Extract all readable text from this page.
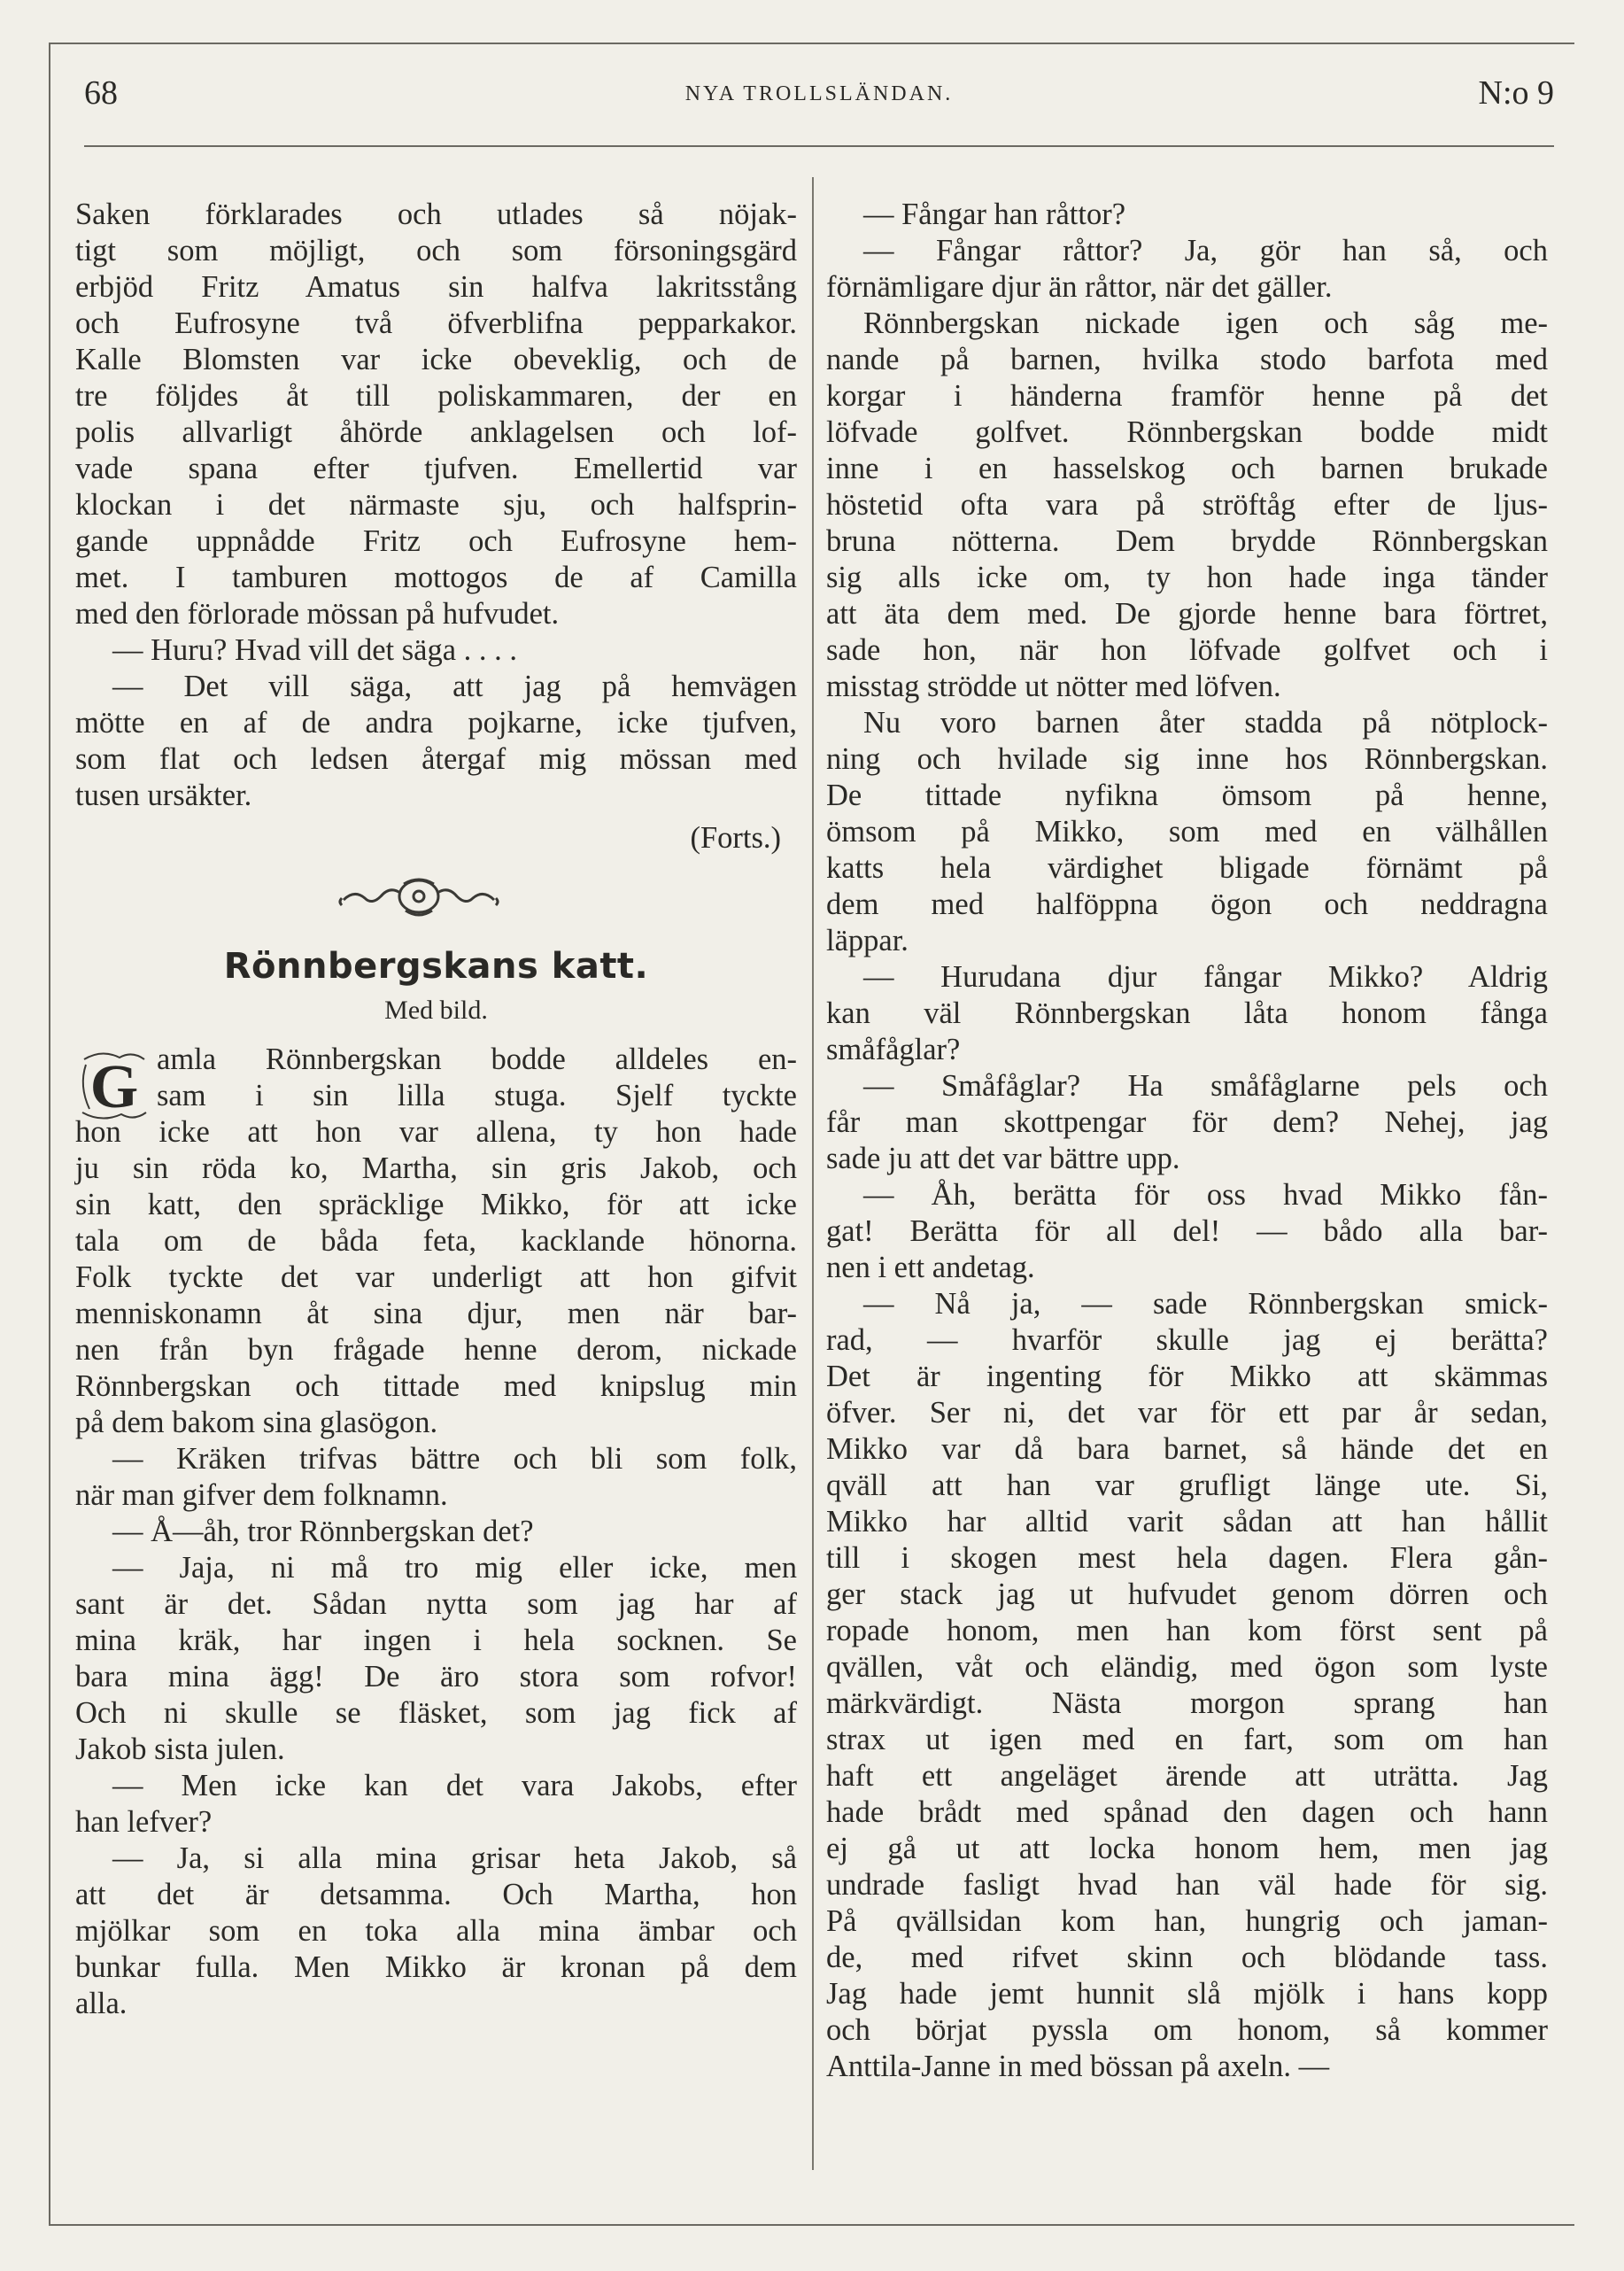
68	NYA TROLLSLÄNDAN.	N:o 9

Saken förklarades och utlades så nöjak-

tigt som möjligt, och som försoningsgärd

erbjöd Fritz Amatus sin halfva lakritsstång

och Eufrosyne två öfverblifna pepparkakor.

Kalle Blomsten var icke obeveklig, och de

tre följdes åt till poliskammaren, der en

polis allvarligt åhörde anklagelsen och lof-

vade spana efter tjufven. Emellertid var

klockan i det närmaste sju, och halfsprin-

gande uppnådde Fritz och Eufrosyne hem-

met. I tamburen mottogos de af Camilla

med den förlorade mössan på hufvudet.

— Huru? Hvad vill det säga . . . .

— Det vill säga, att jag på hemvägen

mötte en af de andra pojkarne, icke tjufven,

som flat och ledsen återgaf mig mössan med

tusen ursäkter.

(Forts.)
Rönnbergskans katt.
Med bild.
G amla Rönnbergskan bodde alldeles en-

sam i sin lilla stuga. Sjelf tyckte

hon icke att hon var allena, ty hon hade

ju sin röda ko, Martha, sin gris Jakob, och

sin katt, den spräcklige Mikko, för att icke

tala om de båda feta, kacklande hönorna.

Folk tyckte det var underligt att hon gifvit

menniskonamn åt sina djur, men när bar-

nen från byn frågade henne derom, nickade

Rönnbergskan och tittade med knipslug min

på dem bakom sina glasögon.

— Kräken trifvas bättre och bli som folk,

när man gifver dem folknamn.

— Å—åh, tror Rönnbergskan det?

— Jaja, ni må tro mig eller icke, men

sant är det. Sådan nytta som jag har af

mina kräk, har ingen i hela socknen. Se

bara mina ägg! De äro stora som rofvor!

Och ni skulle se fläsket, som jag fick af

Jakob sista julen.

— Men icke kan det vara Jakobs, efter

han lefver?

— Ja, si alla mina grisar heta Jakob, så

att det är detsamma. Och Martha, hon

mjölkar som en toka alla mina ämbar och

bunkar fulla. Men Mikko är kronan på dem

alla.

— Fångar han råttor?

— Fångar råttor? Ja, gör han så, och

förnämligare djur än råttor, när det gäller.

Rönnbergskan nickade igen och såg me-

nande på barnen, hvilka stodo barfota med

korgar i händerna framför henne på det

löfvade golfvet. Rönnbergskan bodde midt

inne i en hasselskog och barnen brukade

höstetid ofta vara på ströftåg efter de ljus-

bruna nötterna. Dem brydde Rönnbergskan

sig alls icke om, ty hon hade inga tänder

att äta dem med. De gjorde henne bara förtret,

sade hon, när hon löfvade golfvet och i

misstag strödde ut nötter med löfven.

Nu voro barnen åter stadda på nötplock-

ning och hvilade sig inne hos Rönnbergskan.

De tittade nyfikna ömsom på henne,

ömsom på Mikko, som med en välhållen

katts hela värdighet bligade förnämt på

dem med halföppna ögon och neddragna

läppar.

— Hurudana djur fångar Mikko? Aldrig

kan väl Rönnbergskan låta honom fånga

småfåglar?

— Småfåglar? Ha småfåglarne pels och

får man skottpengar för dem? Nehej, jag

sade ju att det var bättre upp.

— Åh, berätta för oss hvad Mikko fån-

gat! Berätta för all del! — bådo alla bar-

nen i ett andetag.

— Nå ja, — sade Rönnbergskan smick-

rad, — hvarför skulle jag ej berätta?

Det är ingenting för Mikko att skämmas

öfver. Ser ni, det var för ett par år sedan,

Mikko var då bara barnet, så hände det en

qväll att han var grufligt länge ute. Si,

Mikko har alltid varit sådan att han hållit

till i skogen mest hela dagen. Flera gån-

ger stack jag ut hufvudet genom dörren och

ropade honom, men han kom först sent på

qvällen, våt och eländig, med ögon som lyste

märkvärdigt. Nästa morgon sprang han

strax ut igen med en fart, som om han

haft ett angeläget ärende att uträtta. Jag

hade brådt med spånad den dagen och hann

ej gå ut att locka honom hem, men jag

undrade fasligt hvad han väl hade för sig.

På qvällsidan kom han, hungrig och jaman-

de, med rifvet skinn och blödande tass.

Jag hade jemt hunnit slå mjölk i hans kopp

och börjat pyssla om honom, så kommer

Anttila-Janne in med bössan på axeln. —
